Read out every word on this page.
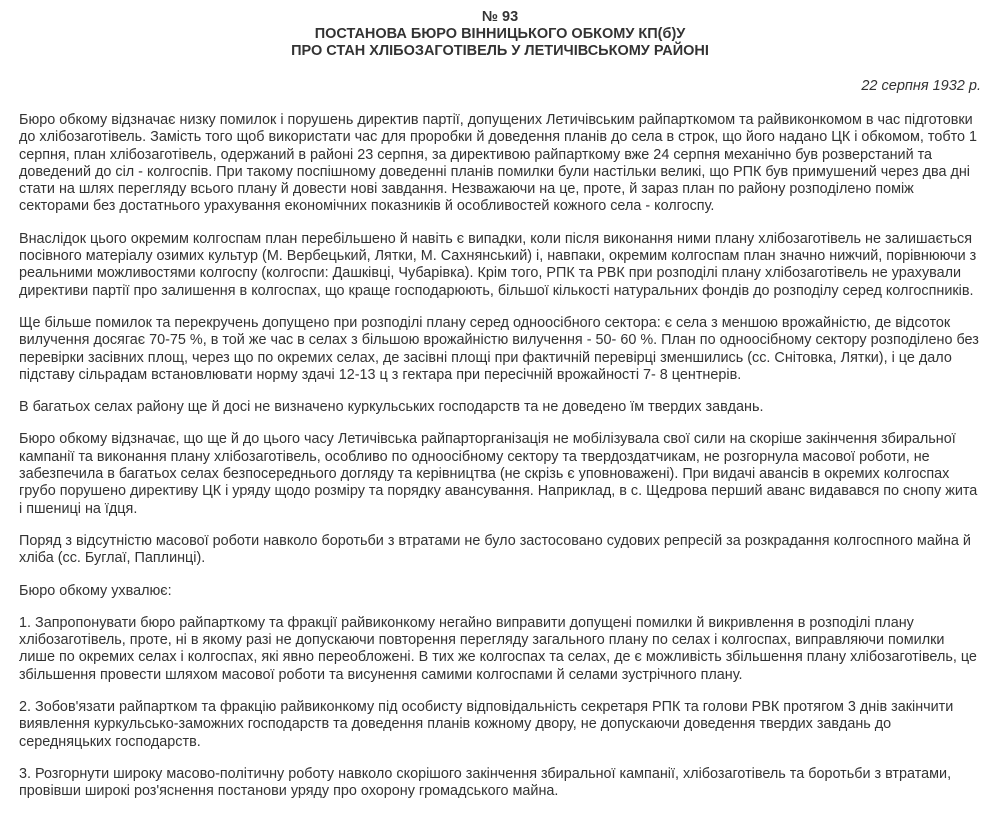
№ 93
ПОСТАНОВА БЮРО ВІННИЦЬКОГО ОБКОМУ КП(б)У
ПРО СТАН ХЛІБОЗАГОТІВЕЛЬ У ЛЕТИЧІВСЬКОМУ РАЙОНІ
22 серпня 1932 р.

Бюро обкому відзначає низку помилок і порушень директив партії, допущених Летичівським райпарткомом та райвиконкомом в час підготовки до хлібозаготівель. Замість того щоб використати час для проробки й доведення планів до села в строк, що його надано ЦК і обкомом, тобто 1 серпня, план хлібозаготівель, одержаний в районі 23 серпня, за директивою райпарткому вже 24 серпня механічно був розверстаний та доведений до сіл - колгоспів. При такому поспішному доведенні планів помилки були настільки великі, що РПК був примушений через два дні стати на шлях перегляду всього плану й довести нові завдання. Незважаючи на це, проте, й зараз план по району розподілено поміж секторами без достатнього урахування економічних показників й особливостей кожного села - колгоспу.

Внаслідок цього окремим колгоспам план перебільшено й навіть є випадки, коли після виконання ними плану хлібозаготівель не залишається посівного матеріалу озимих культур (М. Вербецький, Лятки, М. Сахнянський) і, навпаки, окремим колгоспам план значно нижчий, порівнюючи з реальними можливостями колгоспу (колгоспи: Дашківці, Чубарівка). Крім того, РПК та РВК при розподілі плану хлібозаготівель не урахували директиви партії про залишення в колгоспах, що краще господарюють, більшої кількості натуральних фондів до розподілу серед колгоспників.

Ще більше помилок та перекручень допущено при розподілі плану серед одноосібного сектора: є села з меншою врожайністю, де відсоток вилучення досягає 70-75 %, в той же час в селах з більшою врожайністю вилучення - 50- 60 %. План по одноосібному сектору розподілено без перевірки засівних площ, через що по окремих селах, де засівні площі при фактичній перевірці зменшились (сс. Снітовка, Лятки), і це дало підставу сільрадам встановлювати норму здачі 12-13 ц з гектара при пересічній врожайності 7- 8 центнерів.

В багатьох селах району ще й досі не визначено куркульських господарств та не доведено їм твердих завдань.

Бюро обкому відзначає, що ще й до цього часу Летичівська райпарторганізація не мобілізувала свої сили на скоріше закінчення збиральної кампанії та виконання плану хлібозаготівель, особливо по одноосібному сектору та твердоздатчикам, не розгорнула масової роботи, не забезпечила в багатьох селах безпосереднього догляду та керівництва (не скрізь є уповноважені). При видачі авансів в окремих колгоспах грубо порушено директиву ЦК і уряду щодо розміру та порядку авансування. Наприклад, в с. Щедрова перший аванс видавався по снопу жита і пшениці на їдця.

Поряд з відсутністю масової роботи навколо боротьби з втратами не було застосовано судових репресій за розкрадання колгоспного майна й хліба (сс. Буглаї, Паплинці).

Бюро обкому ухвалює:

1. Запропонувати бюро райпарткому та фракції райвиконкому негайно виправити допущені помилки й викривлення в розподілі плану хлібозаготівель, проте, ні в якому разі не допускаючи повторення перегляду загального плану по селах і колгоспах, виправляючи помилки лише по окремих селах і колгоспах, які явно переобложені. В тих же колгоспах та селах, де є можливість збільшення плану хлібозаготівель, це збільшення провести шляхом масової роботи та висунення самими колгоспами й селами зустрічного плану.

2. Зобов'язати райпартком та фракцію райвиконкому під особисту відповідальність секретаря РПК та голови РВК протягом 3 днів закінчити виявлення куркульсько-заможних господарств та доведення планів кожному двору, не допускаючи доведення твердих завдань до середняцьких господарств.

3. Розгорнути широку масово-політичну роботу навколо скорішого закінчення збиральної кампанії, хлібозаготівель та боротьби з втратами, провівши широкі роз'яснення постанови уряду про охорону громадського майна.
